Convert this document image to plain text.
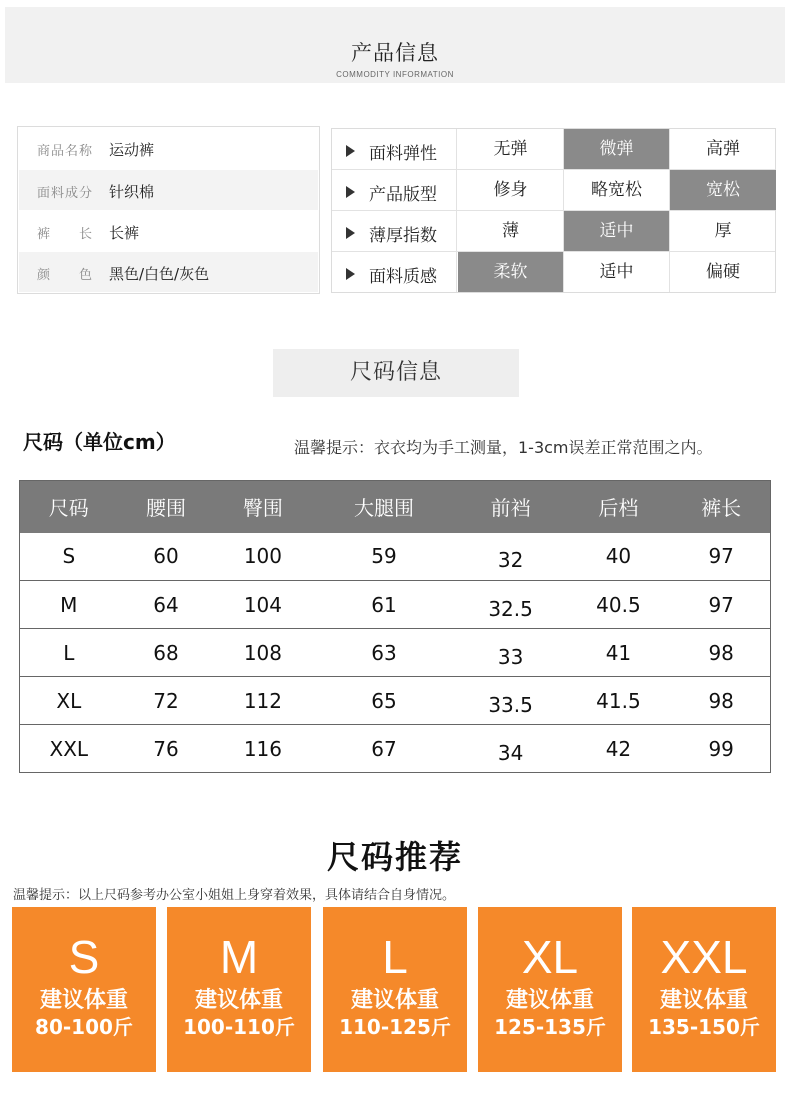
产品信息
COMMODITY INFORMATION
商品名称 运动裤
面料成分 针织棉
裤　　长 长裤
颜　　色 黑色/白色/灰色
面料弹性	无弹	微弹	高弹
产品版型	修身	略宽松	宽松
薄厚指数	薄	适中	厚
面料质感	柔软	适中	偏硬
尺码信息
尺码（单位cm）	温馨提示：衣衣均为手工测量，1-3cm误差正常范围之内。
尺码	腰围	臀围	大腿围	前裆	后档	裤长
S	60	100	59	32	40	97
M	64	104	61	32.5	40.5	97
L	68	108	63	33	41	98
XL	72	112	65	33.5	41.5	98
XXL	76	116	67	34	42	99
尺码推荐
温馨提示：以上尺码参考办公室小姐姐上身穿着效果，具体请结合自身情况。
S
建议体重
80-100斤
M
建议体重
100-110斤
L
建议体重
110-125斤
XL
建议体重
125-135斤
XXL
建议体重
135-150斤
